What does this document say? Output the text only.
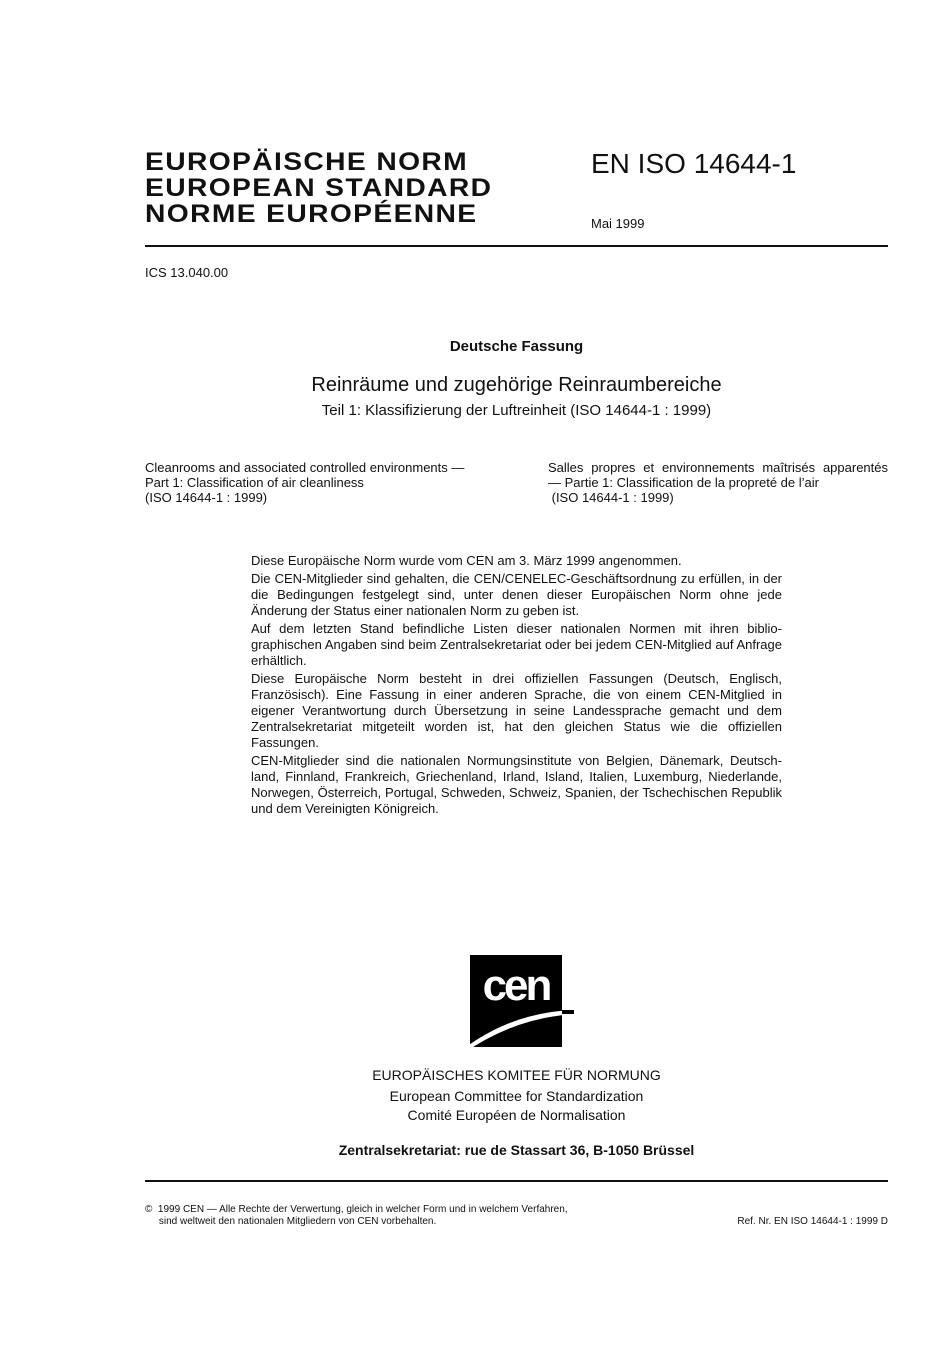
EUROPÄISCHE NORM
EUROPEAN STANDARD
NORME EUROPÉENNE
EN ISO 14644-1
Mai 1999
ICS 13.040.00
Deutsche Fassung
Reinräume und zugehörige Reinraumbereiche
Teil 1: Klassifizierung der Luftreinheit (ISO 14644-1 : 1999)
Cleanrooms and associated controlled environments —
Part 1: Classification of air cleanliness
(ISO 14644-1 : 1999)
Salles propres et environnements maîtrisés apparentés
— Partie 1: Classification de la propreté de l’air
(ISO 14644-1 : 1999)

Diese Europäische Norm wurde vom CEN am 3. März 1999 angenommen.

Die CEN-Mitglieder sind gehalten, die CEN/CENELEC-Geschäftsordnung zu erfüllen, in der die Bedingungen festgelegt sind, unter denen dieser Europäischen Norm ohne jede Änderung der Status einer nationalen Norm zu geben ist.

Auf dem letzten Stand befindliche Listen dieser nationalen Normen mit ihren biblio-graphischen Angaben sind beim Zentralsekretariat oder bei jedem CEN-Mitglied auf Anfrage erhältlich.

Diese Europäische Norm besteht in drei offiziellen Fassungen (Deutsch, Englisch, Französisch). Eine Fassung in einer anderen Sprache, die von einem CEN-Mitglied in eigener Verantwortung durch Übersetzung in seine Landessprache gemacht und dem Zentralsekretariat mitgeteilt worden ist, hat den gleichen Status wie die offiziellen Fassungen.

CEN-Mitglieder sind die nationalen Normungsinstitute von Belgien, Dänemark, Deutsch-land, Finnland, Frankreich, Griechenland, Irland, Island, Italien, Luxemburg, Niederlande, Norwegen, Österreich, Portugal, Schweden, Schweiz, Spanien, der Tschechischen Republik und dem Vereinigten Königreich.

cen
EUROPÄISCHES KOMITEE FÜR NORMUNG
European Committee for Standardization
Comité Européen de Normalisation
Zentralsekretariat: rue de Stassart 36, B-1050 Brüssel
©  1999 CEN — Alle Rechte der Verwertung, gleich in welcher Form und in welchem Verfahren,
sind weltweit den nationalen Mitgliedern von CEN vorbehalten.	Ref. Nr. EN ISO 14644-1 : 1999 D
